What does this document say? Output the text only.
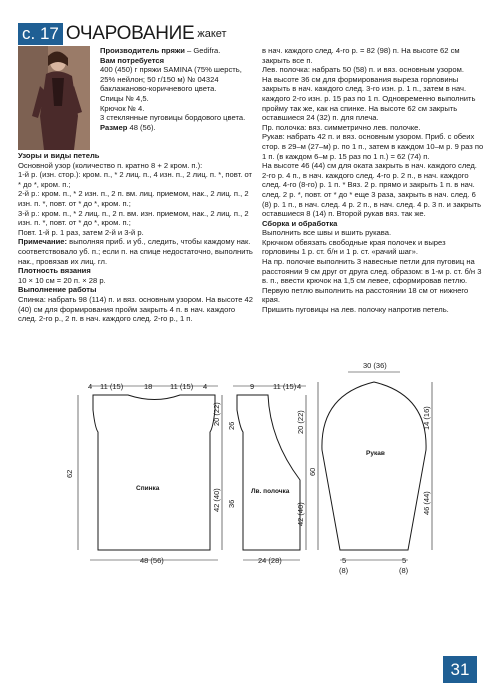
с. 17 ОЧАРОВАНИЕ жакет

Производитель пряжи – Gedifra.

Вам потребуется

400 (450) г пряжи SAMINA (75% шерсть, 25% нейлон; 50 г/150 м) № 04324 баклажаново-коричневого цвета.

Спицы № 4,5.

Крючок № 4.

3 стеклянные пуговицы бордового цвета.

Размер 48 (56).

Узоры и виды петель

Основной узор (количество п. кратно 8 + 2 кром. п.):

1-й р. (изн. стор.): кром. п., * 2 лиц. п., 4 изн. п., 2 лиц. п. *, повт. от * до *, кром. п.;

2-й р.: кром. п., * 2 изн. п., 2 п. вм. лиц. приемом, нак., 2 лиц. п., 2 изн. п. *, повт. от * до *, кром. п.;

3-й р.: кром. п., * 2 лиц. п., 2 п. вм. изн. приемом, нак., 2 лиц. п., 2 изн. п. *, повт. от * до *, кром. п.;

Повт. 1-й р. 1 раз, затем 2-й и 3-й р.

Примечание: выполняя приб. и уб., следить, чтобы каждому нак. соответствовало уб. п.; если п. на спице недостаточно, выполнить нак., провязав их лиц. гл.

Плотность вязания

10 × 10 см = 20 п. × 28 р.

Выполнение работы

Спинка: набрать 98 (114) п. и вяз. основным узором. На высоте 42 (40) см для формирования пройм закрыть 4 п. в нач. каждого след. 2-го р., 2 п. в нач. каждого след. 2-го р., 1 п.

в нач. каждого след. 4-го р. = 82 (98) п. На высоте 62 см закрыть все п.

Лев. полочка: набрать 50 (58) п. и вяз. основным узором.

На высоте 36 см для формирования выреза горловины закрыть в нач. каждого след. 3-го изн. р. 1 п., затем в нач. каждого 2-го изн. р. 15 раз по 1 п. Одновременно выполнить пройму так же, как на спинке. На высоте 62 см закрыть оставшиеся 24 (32) п. для плеча.

Пр. полочка: вяз. симметрично лев. полочке.

Рукав: набрать 42 п. и вяз. основным узором. Приб. с обеих стор. в 29–м (27–м) р. по 1 п., затем в каждом 10–м р. 9 раз по 1 п. (в каждом 6–м р. 15 раз по 1 п.) = 62 (74) п.

На высоте 46 (44) см для оката закрыть в нач. каждого след. 2-го р. 4 п., в нач. каждого след. 4-го р. 2 п., в нач. каждого след. 4-го (8-го) р. 1 п. * Вяз. 2 р. прямо и закрыть 1 п. в нач. след. 2 р. *, повт. от * до * еще 3 раза, закрыть в нач. след. 6 (8) р. 1 п., в нач. след. 4 р. 2 п., в нач. след. 4 р. 3 п. и закрыть оставшиеся 8 (14) п. Второй рукав вяз. так же.

Сборка и обработка

Выполнить все швы и вшить рукава.

Крючком обвязать свободные края полочек и вырез горловины 1 р. ст. б/н и 1 р. ст. «рачий шаг».

На пр. полочке выполнить 3 навесные петли для пуговиц на расстоянии 9 см друг от друга след. образом: в 1-м р. ст. б/н 3 в. п., ввести крючок на 1,5 см левее, сформировав петлю. Первую петлю выполнить на расстоянии 18 см от нижнего края.

Пришить пуговицы на лев. полочку напротив петель.

4 11 (15)	18 11 (15) 4
Спинка
48 (56)
62
20 (22)
42 (40)
9	11 (15) 4
Лв. полочка
24 (28)
26
36
20 (22)
42 (40)
30 (36)
Рукав
14 (16)
46 (44)
60
5
(8)
5
(8)
31
